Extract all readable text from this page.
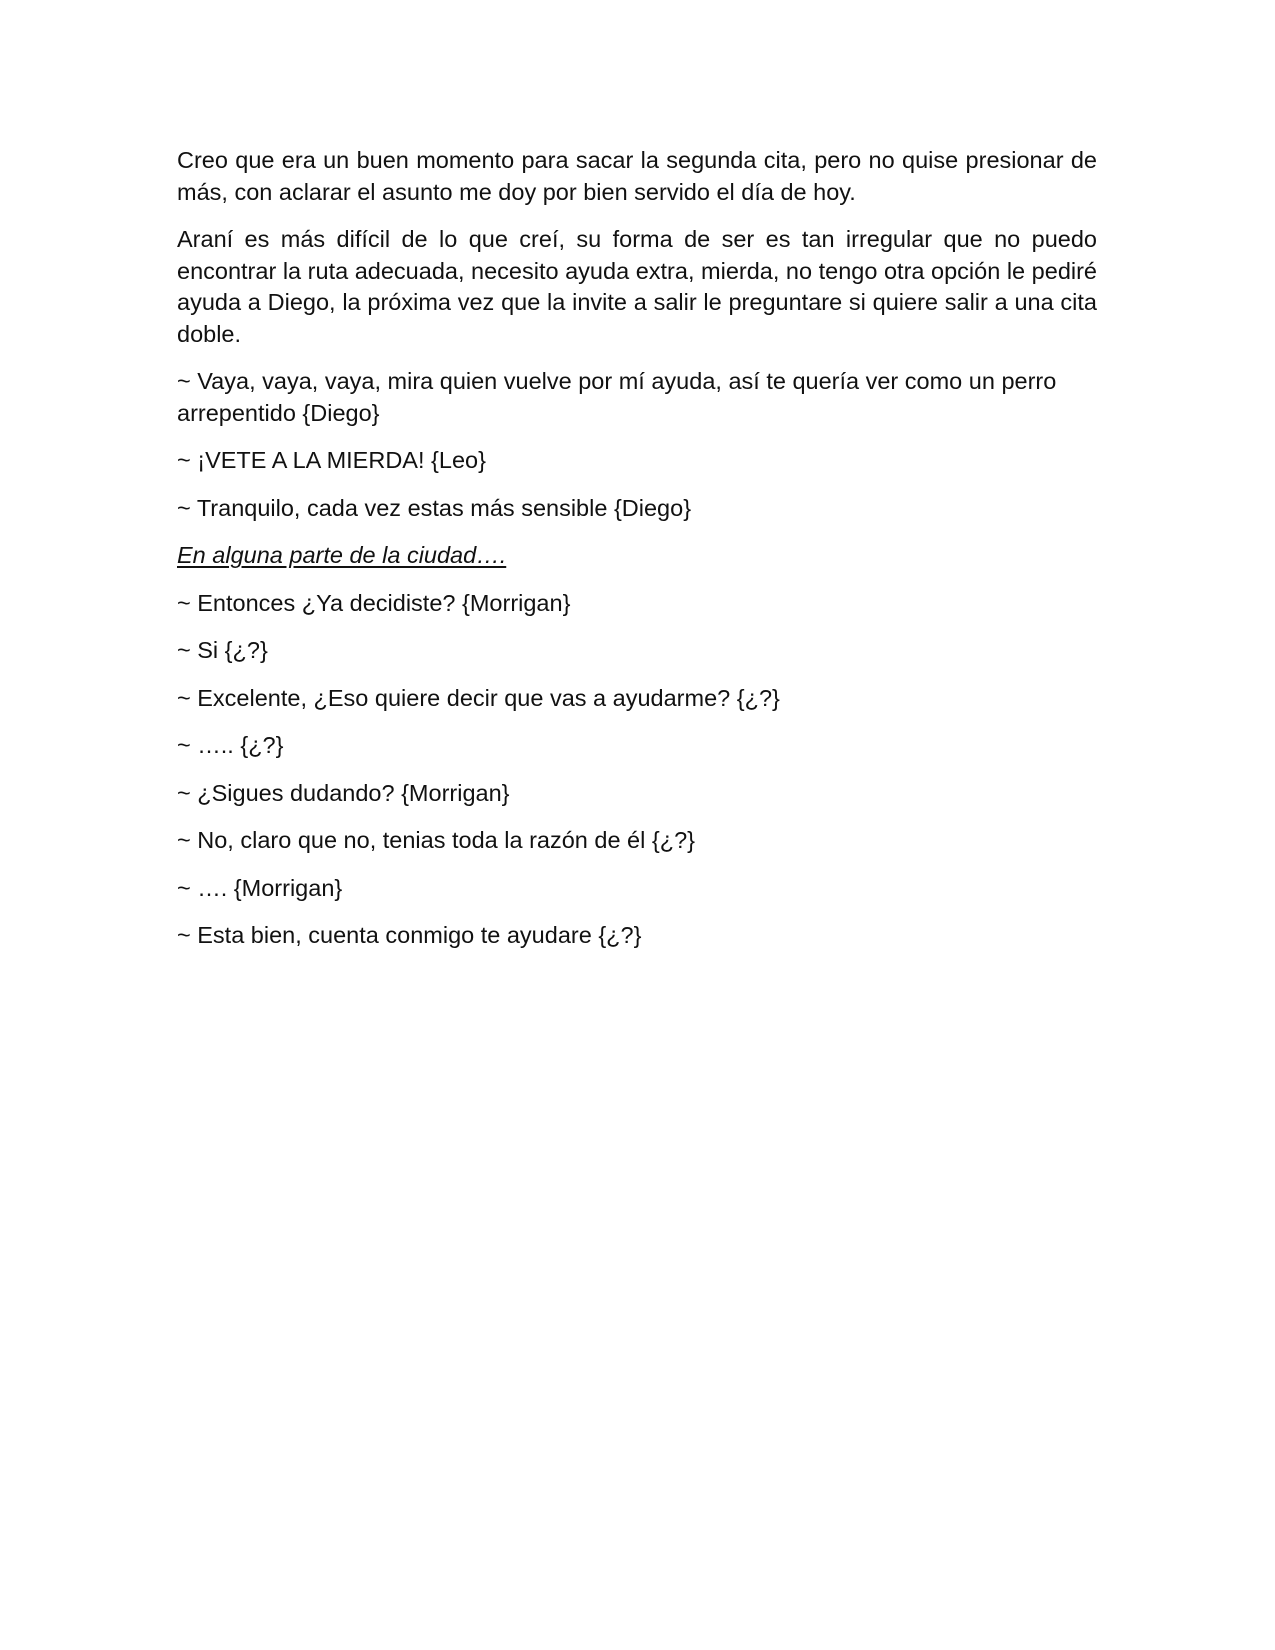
Creo que era un buen momento para sacar la segunda cita, pero no quise presionar de más, con aclarar el asunto me doy por bien servido el día de hoy.

Araní es más difícil de lo que creí, su forma de ser es tan irregular que no puedo encontrar la ruta adecuada, necesito ayuda extra, mierda, no tengo otra opción le pediré ayuda a Diego, la próxima vez que la invite a salir le preguntare si quiere salir a una cita doble.

~ Vaya, vaya, vaya, mira quien vuelve por mí ayuda, así te quería ver como un perro arrepentido {Diego}

~ ¡VETE A LA MIERDA! {Leo}

~ Tranquilo, cada vez estas más sensible {Diego}

En alguna parte de la ciudad….

~ Entonces ¿Ya decidiste? {Morrigan}

~ Si {¿?}

~ Excelente, ¿Eso quiere decir que vas a ayudarme? {¿?}

~ ….. {¿?}

~ ¿Sigues dudando? {Morrigan}

~ No, claro que no, tenias toda la razón de él {¿?}

~ …. {Morrigan}

~ Esta bien, cuenta conmigo te ayudare {¿?}
